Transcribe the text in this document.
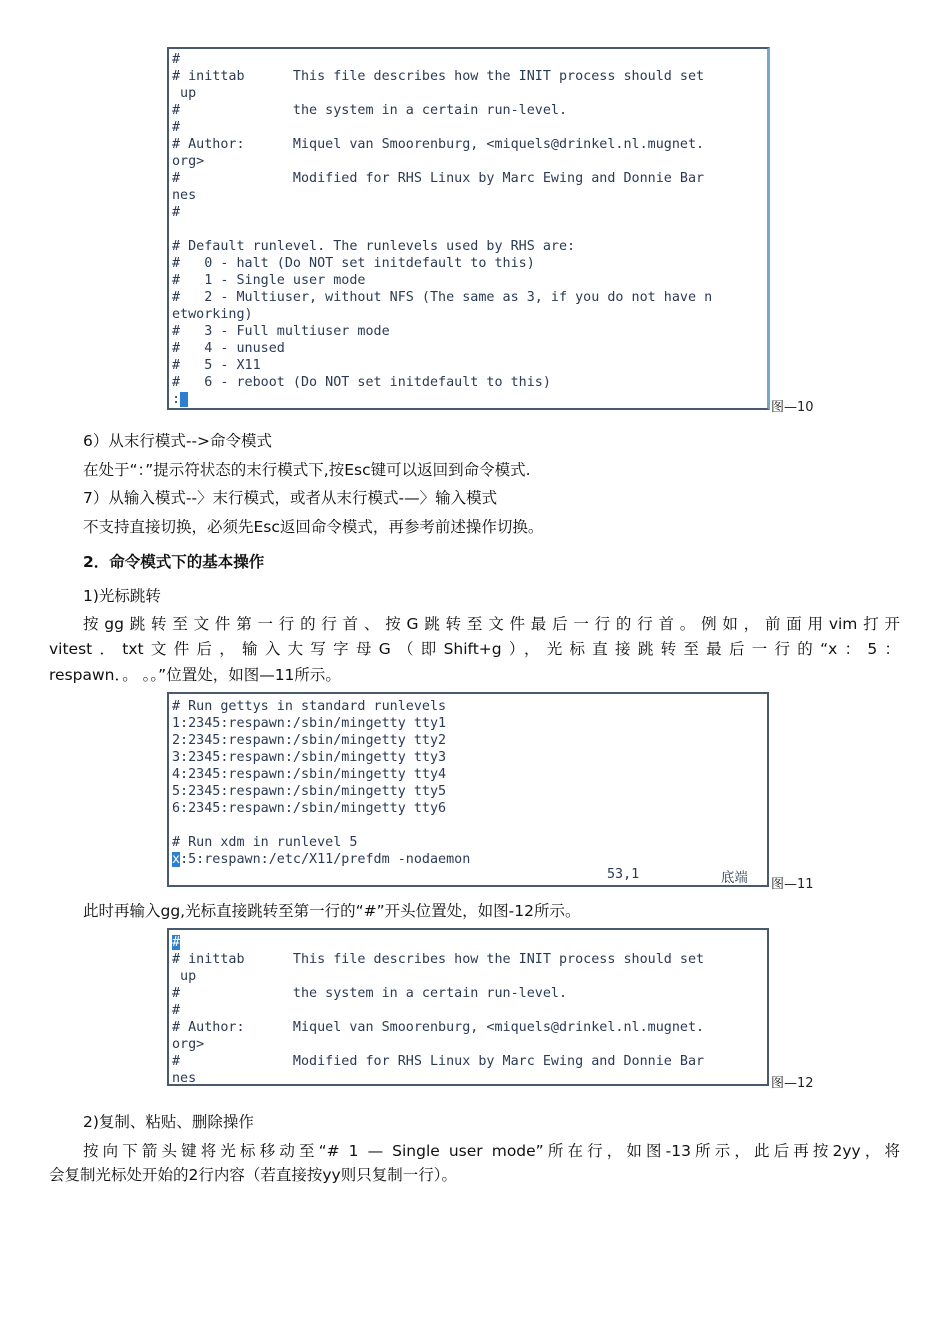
#
# inittab      This file describes how the INIT process should set
up
#              the system in a certain run-level.
#
# Author:      Miquel van Smoorenburg, <miquels@drinkel.nl.mugnet.
org>
#              Modified for RHS Linux by Marc Ewing and Donnie Bar
nes
#

# Default runlevel. The runlevels used by RHS are:
#   0 - halt (Do NOT set initdefault to this)
#   1 - Single user mode
#   2 - Multiuser, without NFS (The same as 3, if you do not have n
etworking)
#   3 - Full multiuser mode
#   4 - unused
#   5 - X11
#   6 - reboot (Do NOT set initdefault to this)
:
图—10
6）从末行模式-->命令模式
在处于“：”提示符状态的末行模式下,按Esc键可以返回到命令模式.
7）从输入模式--〉末行模式，或者从末行模式-—〉输入模式
不支持直接切换，必须先Esc返回命令模式，再参考前述操作切换。
2．命令模式下的基本操作
1)光标跳转
按gg跳转至文件第一行的行首、按G跳转至文件最后一行的行首。例如，前面用vim打开
vitest．txt文件后，输入大写字母G（即Shift+g），光标直接跳转至最后一行的“x：5：
respawn．。 。。”位置处，如图—11所示。
# Run gettys in standard runlevels
1:2345:respawn:/sbin/mingetty tty1
2:2345:respawn:/sbin/mingetty tty2
3:2345:respawn:/sbin/mingetty tty3
4:2345:respawn:/sbin/mingetty tty4
5:2345:respawn:/sbin/mingetty tty5
6:2345:respawn:/sbin/mingetty tty6

# Run xdm in runlevel 5
x:5:respawn:/etc/X11/prefdm -nodaemon
53,1	底端 图—11
此时再输入gg,光标直接跳转至第一行的“#”开头位置处，如图-12所示。
#
# inittab      This file describes how the INIT process should set
up
#              the system in a certain run-level.
#
# Author:      Miquel van Smoorenburg, <miquels@drinkel.nl.mugnet.
org>
#              Modified for RHS Linux by Marc Ewing and Donnie Bar
nes	图—12
2)复制、粘贴、删除操作
按向下箭头键将光标移动至“# 1 — Single user mode”所在行，如图-13所示，此后再按2yy，将
会复制光标处开始的2行内容（若直接按yy则只复制一行）。
